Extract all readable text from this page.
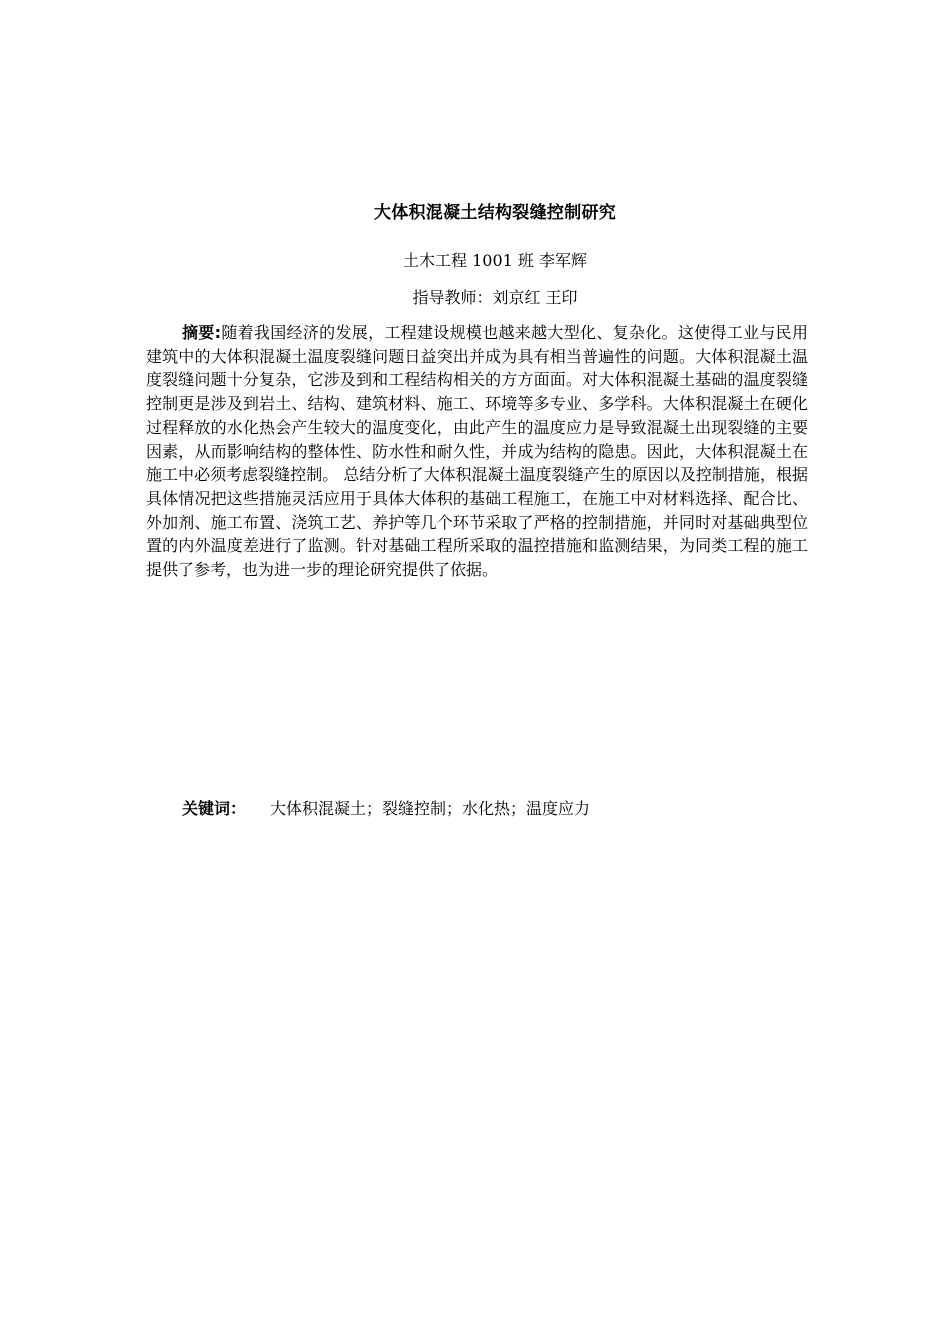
大体积混凝土结构裂缝控制研究
土木工程 1001 班 李军辉
指导教师：刘京红 王印

摘要:随着我国经济的发展，工程建设规模也越来越大型化、复杂化。这使得工业与民用建筑中的大体积混凝土温度裂缝问题日益突出并成为具有相当普遍性的问题。大体积混凝土温度裂缝问题十分复杂，它涉及到和工程结构相关的方方面面。对大体积混凝土基础的温度裂缝控制更是涉及到岩土、结构、建筑材料、施工、环境等多专业、多学科。大体积混凝土在硬化过程释放的水化热会产生较大的温度变化，由此产生的温度应力是导致混凝土出现裂缝的主要因素，从而影响结构的整体性、防水性和耐久性，并成为结构的隐患。因此，大体积混凝土在施工中必须考虑裂缝控制。 总结分析了大体积混凝土温度裂缝产生的原因以及控制措施，根据具体情况把这些措施灵活应用于具体大体积的基础工程施工，在施工中对材料选择、配合比、外加剂、施工布置、浇筑工艺、养护等几个环节采取了严格的控制措施，并同时对基础典型位置的内外温度差进行了监测。针对基础工程所采取的温控措施和监测结果，为同类工程的施工提供了参考，也为进一步的理论研究提供了依据。

关键词： 大体积混凝土；裂缝控制；水化热；温度应力
